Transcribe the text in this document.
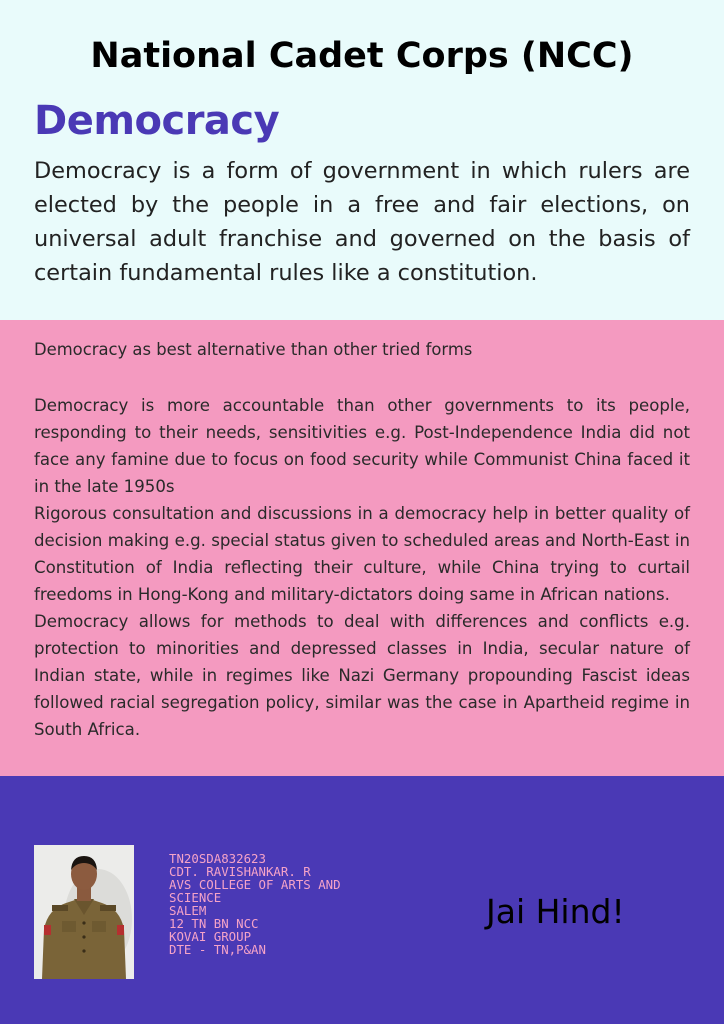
National Cadet Corps (NCC)
Democracy
Democracy is a form of government in which rulers are elected by the people in a free and fair elections, on universal adult franchise and governed on the basis of certain fundamental rules like a constitution.
Democracy as best alternative than other tried forms

Democracy is more accountable than other governments to its people, responding to their needs, sensitivities e.g. Post-Independence India did not face any famine due to focus on food security while Communist China faced it in the late 1950s

Rigorous consultation and discussions in a democracy help in better quality of decision making e.g. special status given to scheduled areas and North-East in Constitution of India reflecting their culture, while China trying to curtail freedoms in Hong-Kong and military-dictators doing same in African nations.

Democracy allows for methods to deal with differences and conflicts e.g. protection to minorities and depressed classes in India, secular nature of Indian state, while in regimes like Nazi Germany propounding Fascist ideas followed racial segregation policy, similar was the case in Apartheid regime in South Africa.

TN20SDA832623
CDT. RAVISHANKAR. R
AVS COLLEGE OF ARTS AND
SCIENCE
SALEM
12 TN BN NCC
KOVAI GROUP
DTE - TN,P&AN
Jai Hind!
